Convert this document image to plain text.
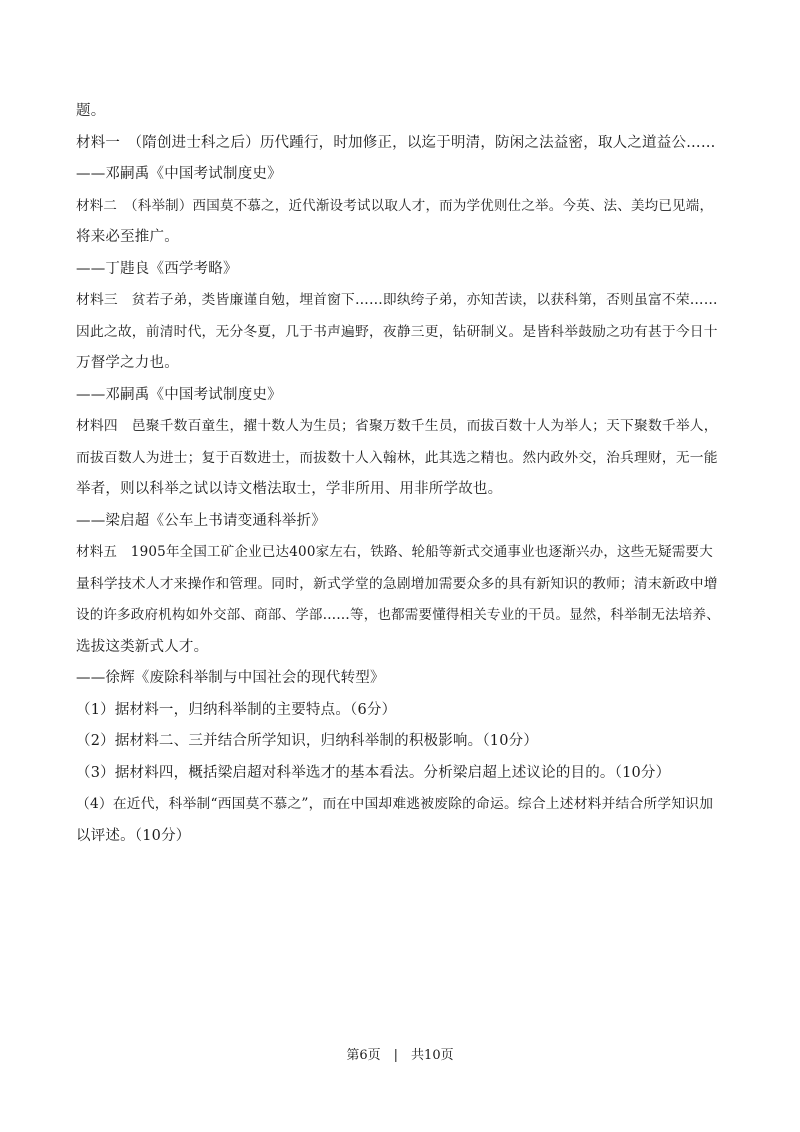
题。
材料一　（隋创进士科之后）历代踵行，时加修正，以迄于明清，防闲之法益密，取人之道益公……
——邓嗣禹《中国考试制度史》
材料二　（科举制）西国莫不慕之，近代渐设考试以取人才，而为学优则仕之举。今英、法、美均已见端，
将来必至推广。
——丁韪良《西学考略》
材料三　贫若子弟，类皆廉谨自勉，埋首窗下……即纨绔子弟，亦知苦读，以获科第，否则虽富不荣……
因此之故，前清时代，无分冬夏，几于书声遍野，夜静三更，钻研制义。是皆科举鼓励之功有甚于今日十
万督学之力也。
——邓嗣禹《中国考试制度史》
材料四　邑聚千数百童生，擢十数人为生员；省聚万数千生员，而拔百数十人为举人；天下聚数千举人，
而拔百数人为进士；复于百数进士，而拔数十人入翰林，此其选之精也。然内政外交，治兵理财，无一能
举者，则以科举之试以诗文楷法取士，学非所用、用非所学故也。
——梁启超《公车上书请变通科举折》
材料五　1905年全国工矿企业已达400家左右，铁路、轮船等新式交通事业也逐渐兴办，这些无疑需要大
量科学技术人才来操作和管理。同时，新式学堂的急剧增加需要众多的具有新知识的教师；清末新政中增
设的许多政府机构如外交部、商部、学部……等，也都需要懂得相关专业的干员。显然，科举制无法培养、
选拔这类新式人才。
——徐辉《废除科举制与中国社会的现代转型》
（1）据材料一，归纳科举制的主要特点。（6分）
（2）据材料二、三并结合所学知识，归纳科举制的积极影响。（10分）
（3）据材料四，概括梁启超对科举选才的基本看法。分析梁启超上述议论的目的。（10分）
（4）在近代，科举制“西国莫不慕之”，而在中国却难逃被废除的命运。综合上述材料并结合所学知识加
以评述。（10分）
第6页　|　共10页
